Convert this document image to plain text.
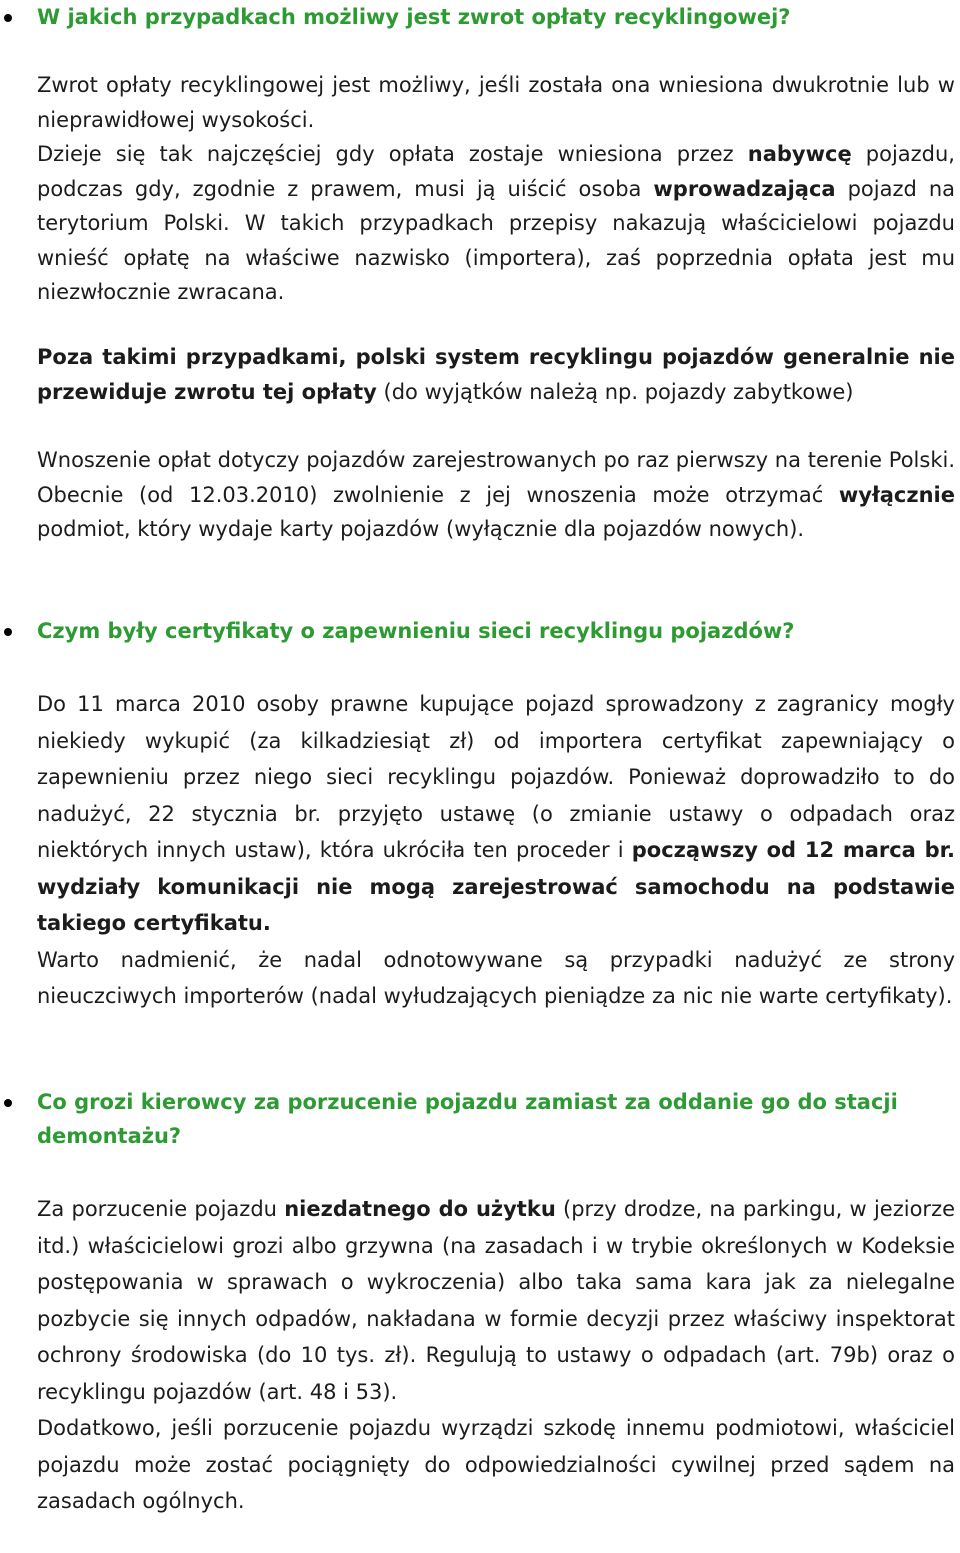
W jakich przypadkach możliwy jest zwrot opłaty recyklingowej?

Zwrot opłaty recyklingowej jest możliwy, jeśli została ona wniesiona dwukrotnie lub w nieprawidłowej wysokości.
Dzieje się tak najczęściej gdy opłata zostaje wniesiona przez nabywcę pojazdu, podczas gdy, zgodnie z prawem, musi ją uiścić osoba wprowadzająca pojazd na terytorium Polski. W takich przypadkach przepisy nakazują właścicielowi pojazdu wnieść opłatę na właściwe nazwisko (importera), zaś poprzednia opłata jest mu niezwłocznie zwracana.

Poza takimi przypadkami, polski system recyklingu pojazdów generalnie nie przewiduje zwrotu tej opłaty (do wyjątków należą np. pojazdy zabytkowe)

Wnoszenie opłat dotyczy pojazdów zarejestrowanych po raz pierwszy na terenie Polski. Obecnie (od 12.03.2010) zwolnienie z jej wnoszenia może otrzymać wyłącznie podmiot, który wydaje karty pojazdów (wyłącznie dla pojazdów nowych).

Czym były certyfikaty o zapewnieniu sieci recyklingu pojazdów?

Do 11 marca 2010 osoby prawne kupujące pojazd sprowadzony z zagranicy mogły niekiedy wykupić (za kilkadziesiąt zł) od importera certyfikat zapewniający o zapewnieniu przez niego sieci recyklingu pojazdów. Ponieważ doprowadziło to do nadużyć, 22 stycznia br. przyjęto ustawę (o zmianie ustawy o odpadach oraz niektórych innych ustaw), która ukróciła ten proceder i począwszy od 12 marca br. wydziały komunikacji nie mogą zarejestrować samochodu na podstawie takiego certyfikatu.
Warto nadmienić, że nadal odnotowywane są przypadki nadużyć ze strony nieuczciwych importerów (nadal wyłudzających pieniądze za nic nie warte certyfikaty).

Co grozi kierowcy za porzucenie pojazdu zamiast za oddanie go do stacji demontażu?

Za porzucenie pojazdu niezdatnego do użytku (przy drodze, na parkingu, w jeziorze itd.) właścicielowi grozi albo grzywna (na zasadach i w trybie określonych w Kodeksie postępowania w sprawach o wykroczenia) albo taka sama kara jak za nielegalne pozbycie się innych odpadów, nakładana w formie decyzji przez właściwy inspektorat ochrony środowiska (do 10 tys. zł). Regulują to ustawy o odpadach (art. 79b) oraz o recyklingu pojazdów (art. 48 i 53).
Dodatkowo, jeśli porzucenie pojazdu wyrządzi szkodę innemu podmiotowi, właściciel pojazdu może zostać pociągnięty do odpowiedzialności cywilnej przed sądem na zasadach ogólnych.
